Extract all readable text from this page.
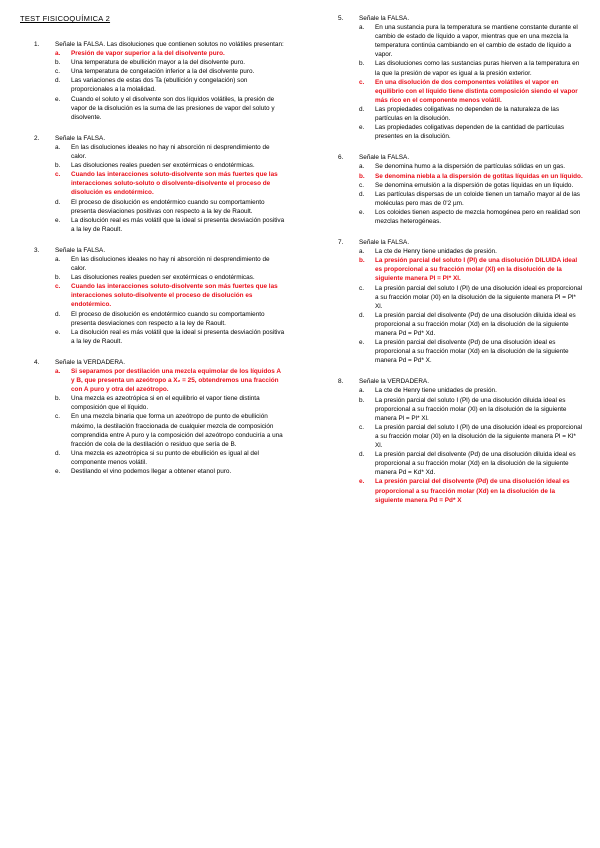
TEST FISICOQUÍMICA 2
1.	Señale la FALSA. Las disoluciones que contienen solutos no volátiles presentan:
a.	Presión de vapor superior a la del disolvente puro.
b.	Una temperatura de ebullición mayor a la del disolvente puro.
c.	Una temperatura de congelación inferior a la del disolvente puro.
d.	Las variaciones de estas dos Ta (ebullición y congelación) son proporcionales a la molalidad.
e.	Cuando el soluto y el disolvente son dos líquidos volátiles, la presión de vapor de la disolución es la suma de las presiones de vapor del soluto y disolvente.
2.	Señale la FALSA.
a.	En las disoluciones ideales no hay ni absorción ni desprendimiento de calor.
b.	Las disoluciones reales pueden ser exotérmicas o endotérmicas.
c.	Cuando las interacciones soluto-disolvente son más fuertes que las interacciones soluto-soluto o disolvente-disolvente el proceso de disolución es endotérmico.
d.	El proceso de disolución es endotérmico cuando su comportamiento presenta desviaciones positivas con respecto a la ley de Raoult.
e.	La disolución real es más volátil que la ideal si presenta desviación positiva a la ley de Raoult.
3.	Señale la FALSA.
a.	En las disoluciones ideales no hay ni absorción ni desprendimiento de calor.
b.	Las disoluciones reales pueden ser exotérmicas o endotérmicas.
c.	Cuando las interacciones soluto-disolvente son más fuertes que las interacciones soluto-disolvente el proceso de disolución es endotérmico.
d.	El proceso de disolución es endotérmico cuando su comportamiento presenta desviaciones con respecto a la ley de Raoult.
e.	La disolución real es más volátil que la ideal si presenta desviación positiva a la ley de Raoult.
4.	Señale la VERDADERA.
a.	Si separamos por destilación una mezcla equimolar de los líquidos A y B, que presenta un azeótropo a X₂ = 25, obtendremos una fracción con A puro y otra del azeótropo.
b.	Una mezcla es azeotrópica si en el equilibrio el vapor tiene distinta composición que el líquido.
c.	En una mezcla binaria que forma un azeótropo de punto de ebullición máximo, la destilación fraccionada de cualquier mezcla de composición comprendida entre A puro y la composición del azeótropo conduciría a una fracción de cola de la destilación o residuo que sería de B.
d.	Una mezcla es azeotrópica si su punto de ebullición es igual al del componente menos volátil.
e.	Destilando el vino podemos llegar a obtener etanol puro.
5.	Señale la FALSA.
a.	En una sustancia pura la temperatura se mantiene constante durante el cambio de estado de líquido a vapor, mientras que en una mezcla la temperatura continúa cambiando en el cambio de estado de líquido a vapor.
b.	Las disoluciones como las sustancias puras hierven a la temperatura en la que la presión de vapor es igual a la presión exterior.
c.	En una disolución de dos componentes volátiles el vapor en equilibrio con el líquido tiene distinta composición siendo el vapor más rico en el componente menos volátil.
d.	Las propiedades coligativas no dependen de la naturaleza de las partículas en la disolución.
e.	Las propiedades coligativas dependen de la cantidad de partículas presentes en la disolución.
6.	Señale la FALSA.
a.	Se denomina humo a la dispersión de partículas sólidas en un gas.
b.	Se denomina niebla a la dispersión de gotitas líquidas en un líquido.
c.	Se denomina emulsión a la dispersión de gotas líquidas en un líquido.
d.	Las partículas dispersas de un coloide tienen un tamaño mayor al de las moléculas pero mas de 0'2 µm.
e.	Los coloides tienen aspecto de mezcla homogénea pero en realidad son mezclas heterogéneas.
7.	Señale la FALSA.
a.	La cte de Henry tiene unidades de presión.
b.	La presión parcial del soluto I (Pl) de una disolución DILUIDA ideal es proporcional a su fracción molar (Xl) en la disolución de la siguiente manera Pl = Pl* Xl.
c.	La presión parcial del soluto I (Pl) de una disolución ideal es proporcional a su fracción molar (Xl) en la disolución de la siguiente manera Pl = Pl* Xl.
d.	La presión parcial del disolvente (Pd) de una disolución diluida ideal es proporcional a su fracción molar (Xd) en la disolución de la siguiente manera Pd = Pd* Xd.
e.	La presión parcial del disolvente (Pd) de una disolución ideal es proporcional a su fracción molar (Xd) en la disolución de la siguiente manera Pd = Pd* X.
8.	Señale la VERDADERA.
a.	La cte de Henry tiene unidades de presión.
b.	La presión parcial del soluto I (Pl) de una disolución diluida ideal es proporcional a su fracción molar (Xl) en la disolución de la siguiente manera Pl = Pl* Xl.
c.	La presión parcial del soluto I (Pl) de una disolución ideal es proporcional a su fracción molar (Xl) en la disolución de la siguiente manera Pl = Kl* Xl.
d.	La presión parcial del disolvente (Pd) de una disolución diluida ideal es proporcional a su fracción molar (Xd) en la disolución de la siguiente manera Pd = Kd* Xd.
e.	La presión parcial del disolvente (Pd) de una disolución ideal es proporcional a su fracción molar (Xd) en la disolución de la siguiente manera Pd = Pd* X
